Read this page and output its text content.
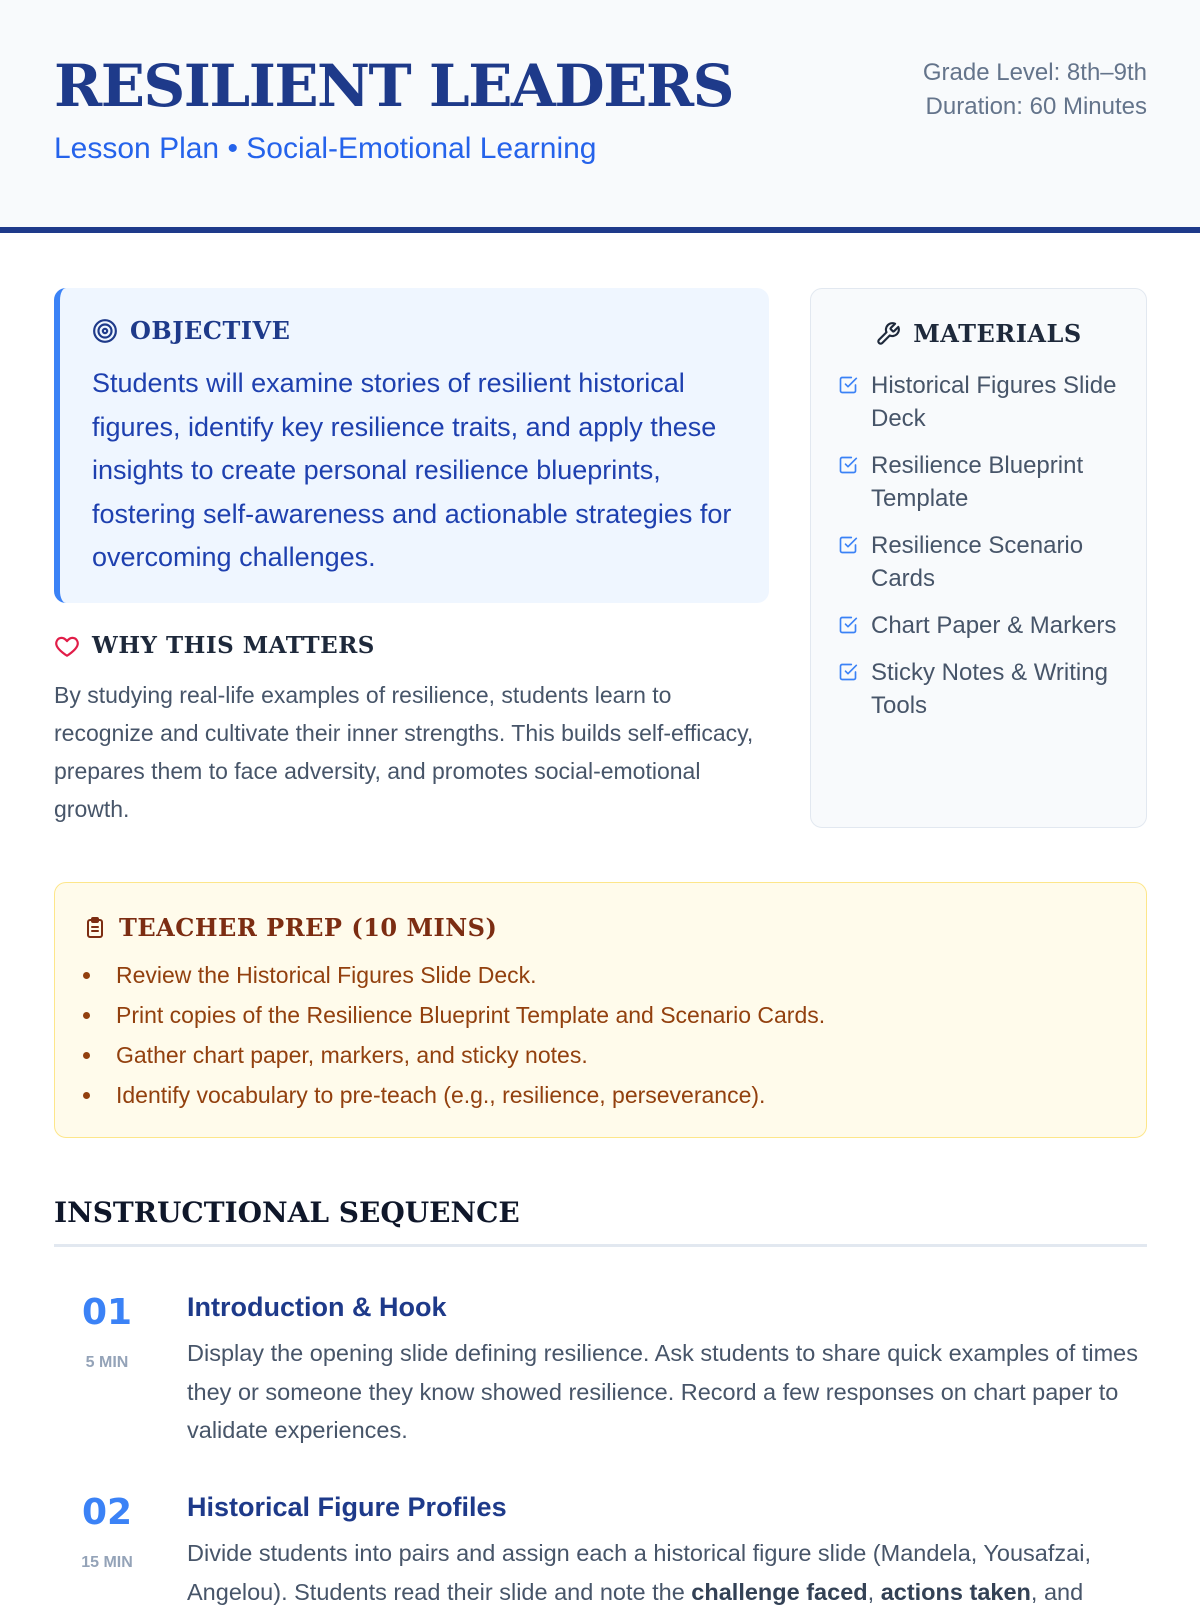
RESILIENT LEADERS
Lesson Plan • Social-Emotional Learning
Grade Level: 8th–9th
Duration: 60 Minutes
OBJECTIVE

Students will examine stories of resilient historical figures, identify key resilience traits, and apply these insights to create personal resilience blueprints, fostering self-awareness and actionable strategies for overcoming challenges.

WHY THIS MATTERS

By studying real-life examples of resilience, students learn to recognize and cultivate their inner strengths. This builds self-efficacy, prepares them to face adversity, and promotes social-emotional growth.

MATERIALS
Historical Figures Slide Deck
Resilience Blueprint Template
Resilience Scenario Cards
Chart Paper & Markers
Sticky Notes & Writing Tools
TEACHER PREP (10 MINS)
Review the Historical Figures Slide Deck.
Print copies of the Resilience Blueprint Template and Scenario Cards.
Gather chart paper, markers, and sticky notes.
Identify vocabulary to pre-teach (e.g., resilience, perseverance).
INSTRUCTIONAL SEQUENCE
01
5 MIN
Introduction & Hook

Display the opening slide defining resilience. Ask students to share quick examples of times they or someone they know showed resilience. Record a few responses on chart paper to validate experiences.

02
15 MIN
Historical Figure Profiles

Divide students into pairs and assign each a historical figure slide (Mandela, Yousafzai, Angelou). Students read their slide and note the challenge faced, actions taken, and
